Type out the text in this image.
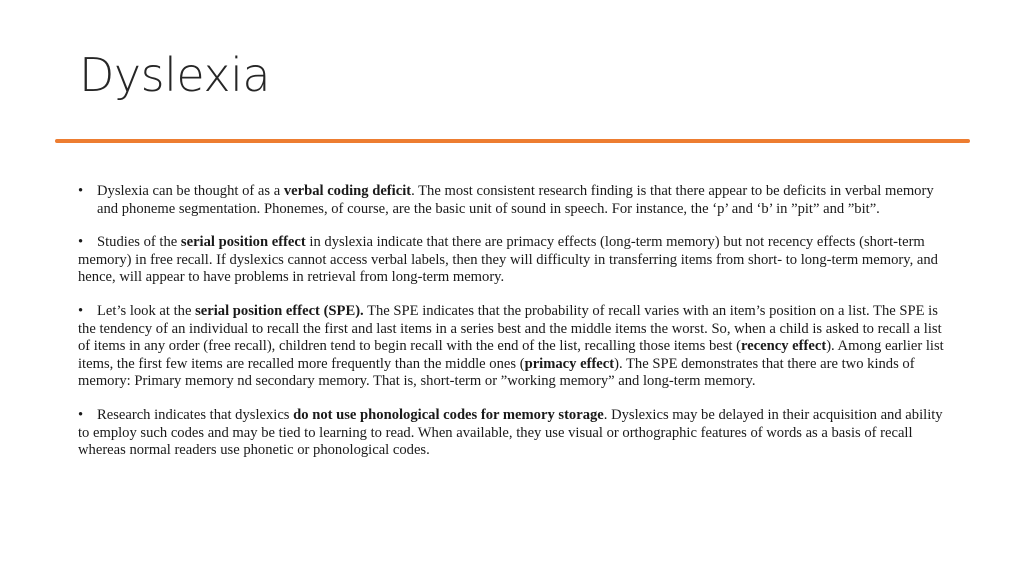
Dyslexia

• Dyslexia can be thought of as a verbal coding deficit. The most consistent research finding is that there appear to be deficits in verbal memory and phoneme segmentation. Phonemes, of course, are the basic unit of sound in speech. For instance, the ‘p’ and ‘b’ in ”pit” and ”bit”.

• Studies of the serial position effect in dyslexia indicate that there are primacy effects (long-term memory) but not recency effects (short-term memory) in free recall. If dyslexics cannot access verbal labels, then they will difficulty in transferring items from short- to long-term memory, and hence, will appear to have problems in retrieval from long-term memory.

• Let’s look at the serial position effect (SPE). The SPE indicates that the probability of recall varies with an item’s position on a list. The SPE is the tendency of an individual to recall the first and last items in a series best and the middle items the worst. So, when a child is asked to recall a list of items in any order (free recall), children tend to begin recall with the end of the list, recalling those items best (recency effect). Among earlier list items, the first few items are recalled more frequently than the middle ones (primacy effect). The SPE demonstrates that there are two kinds of memory: Primary memory nd secondary memory. That is, short-term or ”working memory” and long-term memory.

• Research indicates that dyslexics do not use phonological codes for memory storage. Dyslexics may be delayed in their acquisition and ability to employ such codes and may be tied to learning to read. When available, they use visual or orthographic features of words as a basis of recall whereas normal readers use phonetic or phonological codes.
